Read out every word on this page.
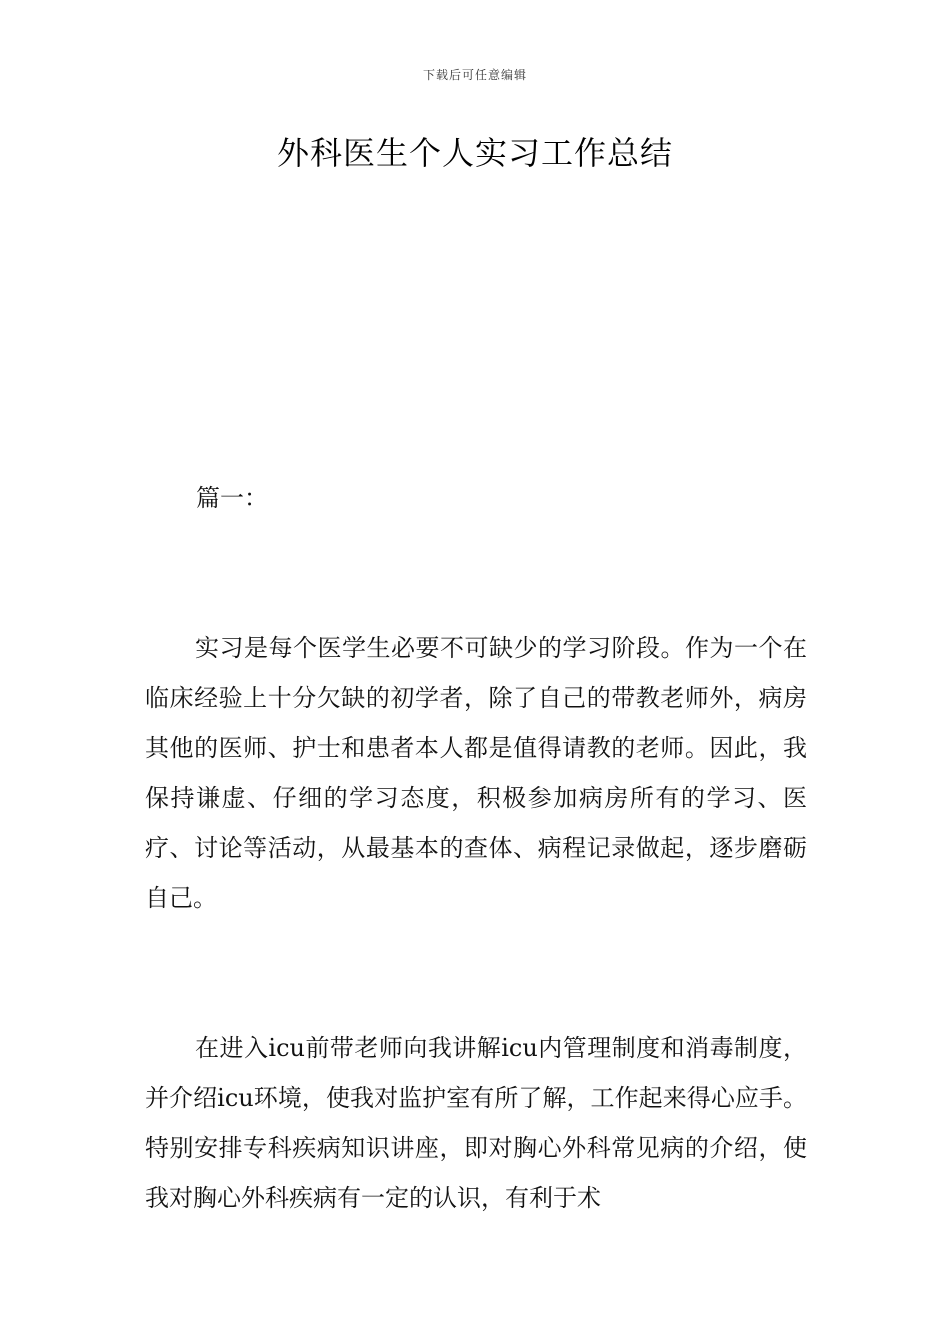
下载后可任意编辑
外科医生个人实习工作总结
篇一：

实习是每个医学生必要不可缺少的学习阶段。作为一个在临床经验上十分欠缺的初学者，除了自己的带教老师外，病房其他的医师、护士和患者本人都是值得请教的老师。因此，我保持谦虚、仔细的学习态度，积极参加病房所有的学习、医疗、讨论等活动，从最基本的查体、病程记录做起，逐步磨砺自己。

在进入icu前带老师向我讲解icu内管理制度和消毒制度，并介绍icu环境，使我对监护室有所了解，工作起来得心应手。特别安排专科疾病知识讲座，即对胸心外科常见病的介绍，使我对胸心外科疾病有一定的认识，有利于术
